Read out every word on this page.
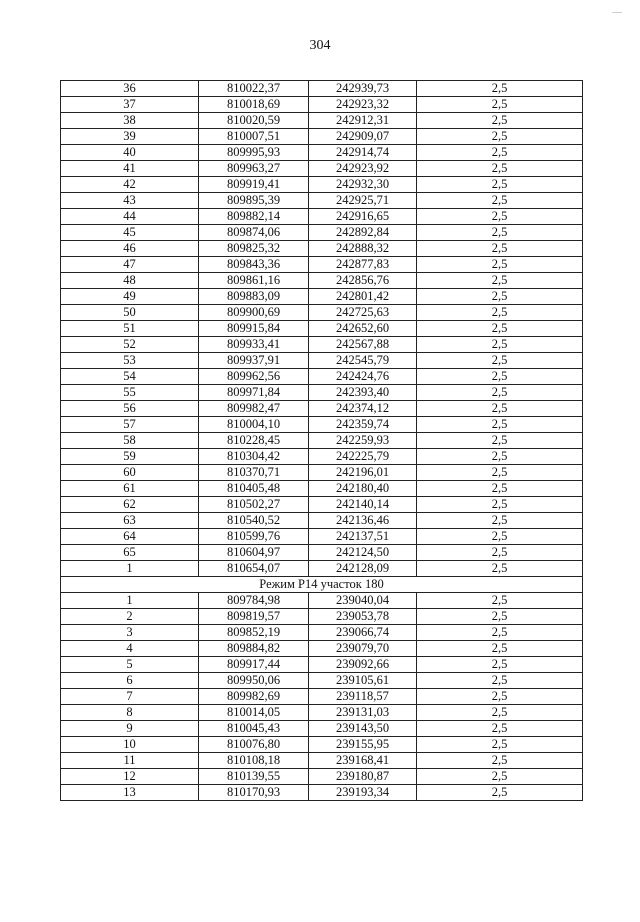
304
36	810022,37	242939,73	2,5
37	810018,69	242923,32	2,5
38	810020,59	242912,31	2,5
39	810007,51	242909,07	2,5
40	809995,93	242914,74	2,5
41	809963,27	242923,92	2,5
42	809919,41	242932,30	2,5
43	809895,39	242925,71	2,5
44	809882,14	242916,65	2,5
45	809874,06	242892,84	2,5
46	809825,32	242888,32	2,5
47	809843,36	242877,83	2,5
48	809861,16	242856,76	2,5
49	809883,09	242801,42	2,5
50	809900,69	242725,63	2,5
51	809915,84	242652,60	2,5
52	809933,41	242567,88	2,5
53	809937,91	242545,79	2,5
54	809962,56	242424,76	2,5
55	809971,84	242393,40	2,5
56	809982,47	242374,12	2,5
57	810004,10	242359,74	2,5
58	810228,45	242259,93	2,5
59	810304,42	242225,79	2,5
60	810370,71	242196,01	2,5
61	810405,48	242180,40	2,5
62	810502,27	242140,14	2,5
63	810540,52	242136,46	2,5
64	810599,76	242137,51	2,5
65	810604,97	242124,50	2,5
1	810654,07	242128,09	2,5
Режим Р14 участок 180			
1	809784,98	239040,04	2,5
2	809819,57	239053,78	2,5
3	809852,19	239066,74	2,5
4	809884,82	239079,70	2,5
5	809917,44	239092,66	2,5
6	809950,06	239105,61	2,5
7	809982,69	239118,57	2,5
8	810014,05	239131,03	2,5
9	810045,43	239143,50	2,5
10	810076,80	239155,95	2,5
11	810108,18	239168,41	2,5
12	810139,55	239180,87	2,5
13	810170,93	239193,34	2,5
